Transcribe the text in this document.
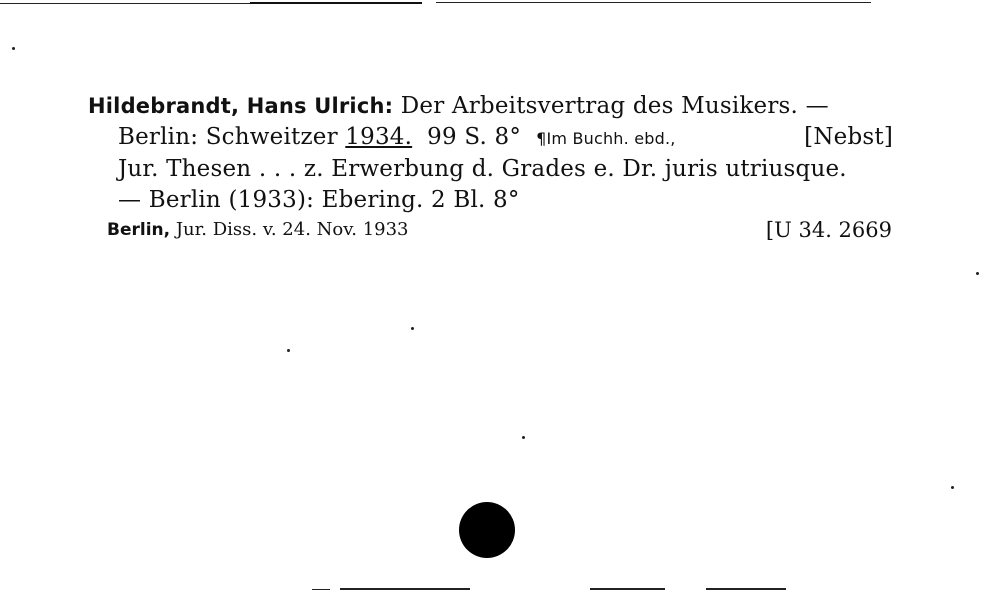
Hildebrandt, Hans Ulrich: Der Arbeitsvertrag des Musikers. —
Berlin: Schweitzer 1934. 99 S. 8° ¶Im Buchh. ebd.,	[Nebst]
Jur. Thesen . . . z. Erwerbung d. Grades e. Dr. juris utriusque.
— Berlin (1933): Ebering. 2 Bl. 8°
Berlin, Jur. Diss. v. 24. Nov. 1933	[U 34. 2669
